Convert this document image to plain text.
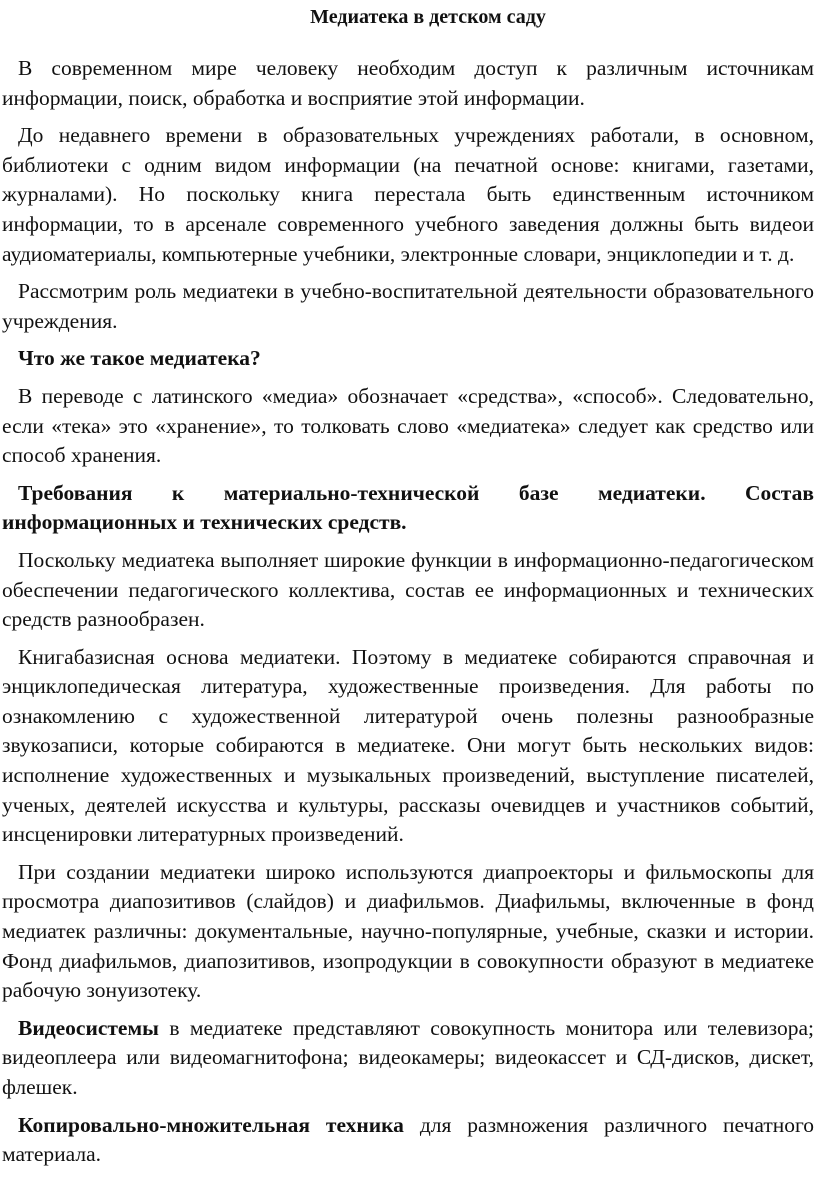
Медиатека в детском саду

В современном мире человеку необходим доступ к различным источникам информации, поиск, обработка и восприятие этой информации.

До недавнего времени в образовательных учреждениях работали, в основном, библиотеки с одним видом информации (на печатной основе: книгами, газетами, журналами). Но поскольку книга перестала быть единственным источником информации, то в арсенале современного учебного заведения должны быть видеои аудиоматериалы, компьютерные учебники, электронные словари, энциклопедии и т. д.

Рассмотрим роль медиатеки в учебно-воспитательной деятельности образовательного учреждения.

Что же такое медиатека?

В переводе с латинского «медиа» обозначает «средства», «способ». Следовательно, если «тека» это «хранение», то толковать слово «медиатека» следует как средство или способ хранения.

Требования к материально-технической базе медиатеки. Состав информационных и технических средств.

Поскольку медиатека выполняет широкие функции в информационно-педагогическом обеспечении педагогического коллектива, состав ее информационных и технических средств разнообразен.

Книгабазисная основа медиатеки. Поэтому в медиатеке собираются справочная и энциклопедическая литература, художественные произведения. Для работы по ознакомлению с художественной литературой очень полезны разнообразные звукозаписи, которые собираются в медиатеке. Они могут быть нескольких видов: исполнение художественных и музыкальных произведений, выступление писателей, ученых, деятелей искусства и культуры, рассказы очевидцев и участников событий, инсценировки литературных произведений.

При создании медиатеки широко используются диапроекторы и фильмоскопы для просмотра диапозитивов (слайдов) и диафильмов. Диафильмы, включенные в фонд медиатек различны: документальные, научно-популярные, учебные, сказки и истории. Фонд диафильмов, диапозитивов, изопродукции в совокупности образуют в медиатеке рабочую зонуизотеку.

Видеосистемы в медиатеке представляют совокупность монитора или телевизора; видеоплеера или видеомагнитофона; видеокамеры; видеокассет и СД-дисков, дискет, флешек.

Копировально-множительная техника для размножения различного печатного материала.
